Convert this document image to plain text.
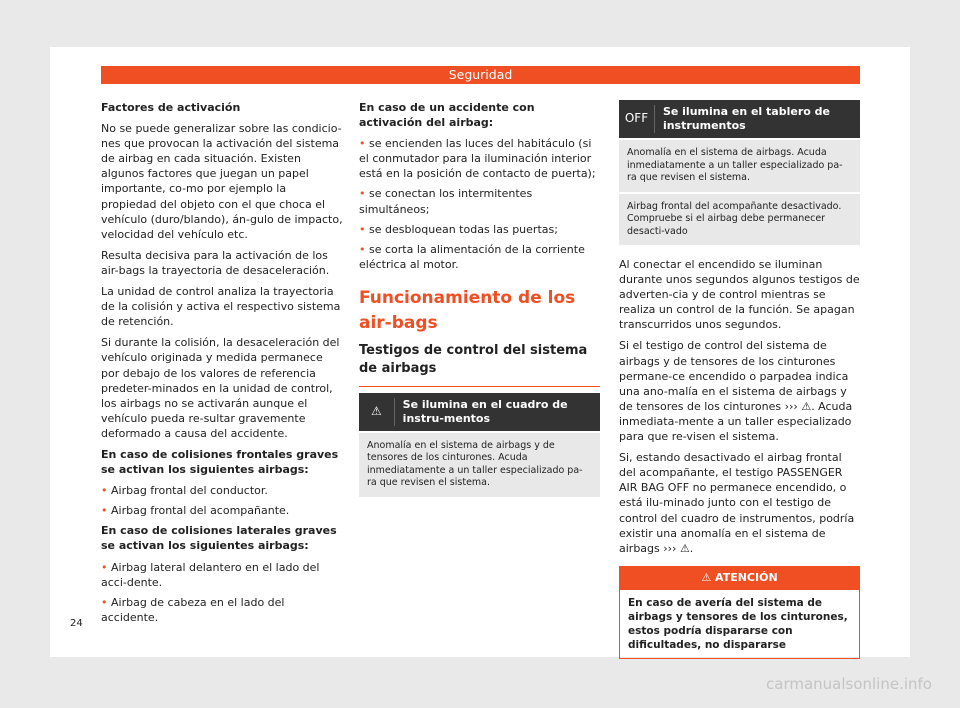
Seguridad

Factores de activación

No se puede generalizar sobre las condicio-nes que provocan la activación del sistema de airbag en cada situación. Existen algunos factores que juegan un papel importante, co-mo por ejemplo la propiedad del objeto con el que choca el vehículo (duro/blando), án-gulo de impacto, velocidad del vehículo etc.

Resulta decisiva para la activación de los air-bags la trayectoria de desaceleración.

La unidad de control analiza la trayectoria de la colisión y activa el respectivo sistema de retención.

Si durante la colisión, la desaceleración del vehículo originada y medida permanece por debajo de los valores de referencia predeter-minados en la unidad de control, los airbags no se activarán aunque el vehículo pueda re-sultar gravemente deformado a causa del accidente.

En caso de colisiones frontales graves se activan los siguientes airbags:

• Airbag frontal del conductor.
• Airbag frontal del acompañante.

En caso de colisiones laterales graves se activan los siguientes airbags:

• Airbag lateral delantero en el lado del acci-dente.
• Airbag de cabeza en el lado del accidente.

En caso de un accidente con activación del airbag:

• se encienden las luces del habitáculo (si el conmutador para la iluminación interior está en la posición de contacto de puerta);
• se conectan los intermitentes simultáneos;
• se desbloquean todas las puertas;
• se corta la alimentación de la corriente eléctrica al motor.
Funcionamiento de los air-bags
Testigos de control del sistema de airbags
⚠	Se ilumina en el cuadro de instru-mentos
Anomalía en el sistema de airbags y de tensores de los cinturones. Acuda inmediatamente a un taller especializado pa-ra que revisen el sistema.
OFF	Se ilumina en el tablero de instrumentos
Anomalía en el sistema de airbags. Acuda inmediatamente a un taller especializado pa-ra que revisen el sistema.
Airbag frontal del acompañante desactivado. Compruebe si el airbag debe permanecer desacti-vado

Al conectar el encendido se iluminan durante unos segundos algunos testigos de adverten-cia y de control mientras se realiza un control de la función. Se apagan transcurridos unos segundos.

Si el testigo de control del sistema de airbags y de tensores de los cinturones permane-ce encendido o parpadea indica una ano-malía en el sistema de airbags y de tensores de los cinturones ››› ⚠. Acuda inmediata-mente a un taller especializado para que re-visen el sistema.

Si, estando desactivado el airbag frontal del acompañante, el testigo PASSENGER AIR BAG OFF no permanece encendido, o está ilu-minado junto con el testigo de control del cuadro de instrumentos, podría existir una anomalía en el sistema de airbags ››› ⚠.

⚠ ATENCIÓN
En caso de avería del sistema de airbags y tensores de los cinturones, estos podría dispararse con dificultades, no dispararse
24
carmanualsonline.info
